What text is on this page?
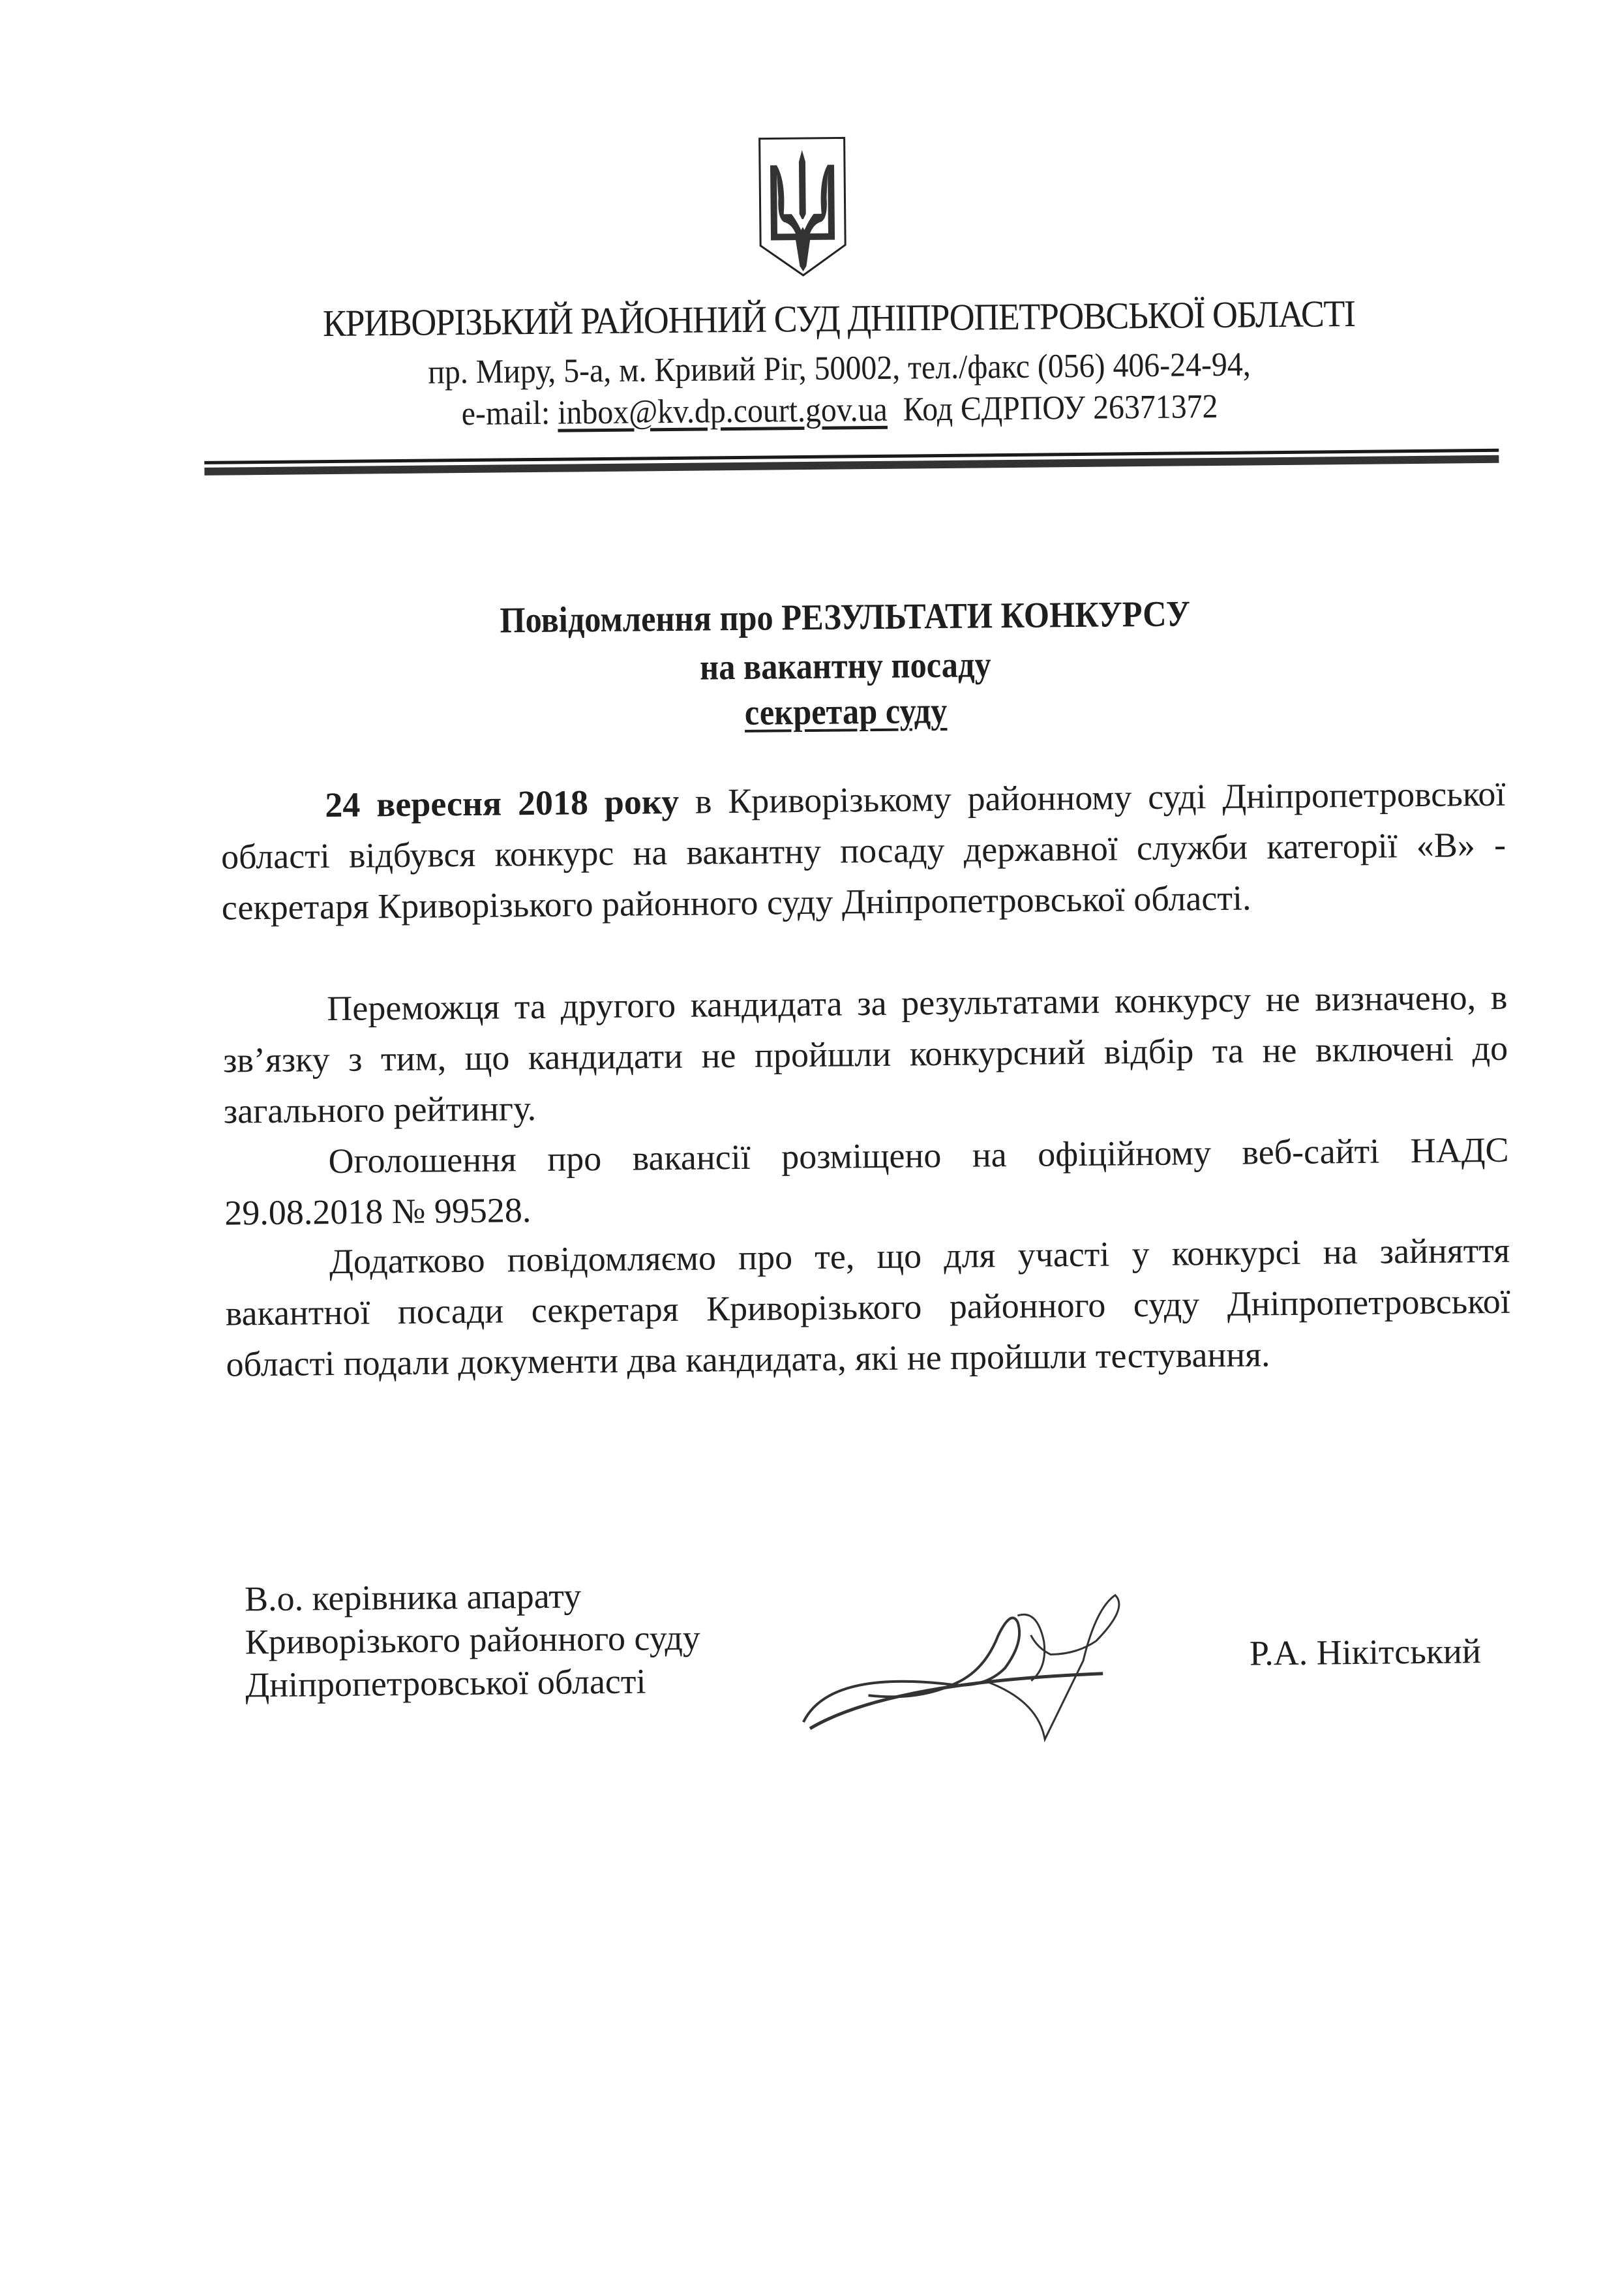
КРИВОРІЗЬКИЙ РАЙОННИЙ СУД ДНІПРОПЕТРОВСЬКОЇ ОБЛАСТІ
пр. Миру, 5-а, м. Кривий Ріг, 50002, тел./факс (056) 406-24-94,
e-mail: inbox@kv.dp.court.gov.ua Код ЄДРПОУ 26371372
Повідомлення про РЕЗУЛЬТАТИ КОНКУРСУ
на вакантну посаду
секретар суду

24 вересня 2018 року в Криворізькому районному суді Дніпропетровської області відбувся конкурс на вакантну посаду державної служби категорії «В» - секретаря Криворізького районного суду Дніпропетровської області.

Переможця та другого кандидата за результатами конкурсу не визначено, в зв’язку з тим, що кандидати не пройшли конкурсний відбір та не включені до загального рейтингу.

Оголошення про вакансії розміщено на офіційному веб-сайті НАДС 29.08.2018 № 99528.

Додатково повідомляємо про те, що для участі у конкурсі на зайняття вакантної посади секретаря Криворізького районного суду Дніпропетровської області подали документи два кандидата, які не пройшли тестування.

В.о. керівника апарату
Криворізького районного суду
Дніпропетровської області
Р.А. Нікітський
